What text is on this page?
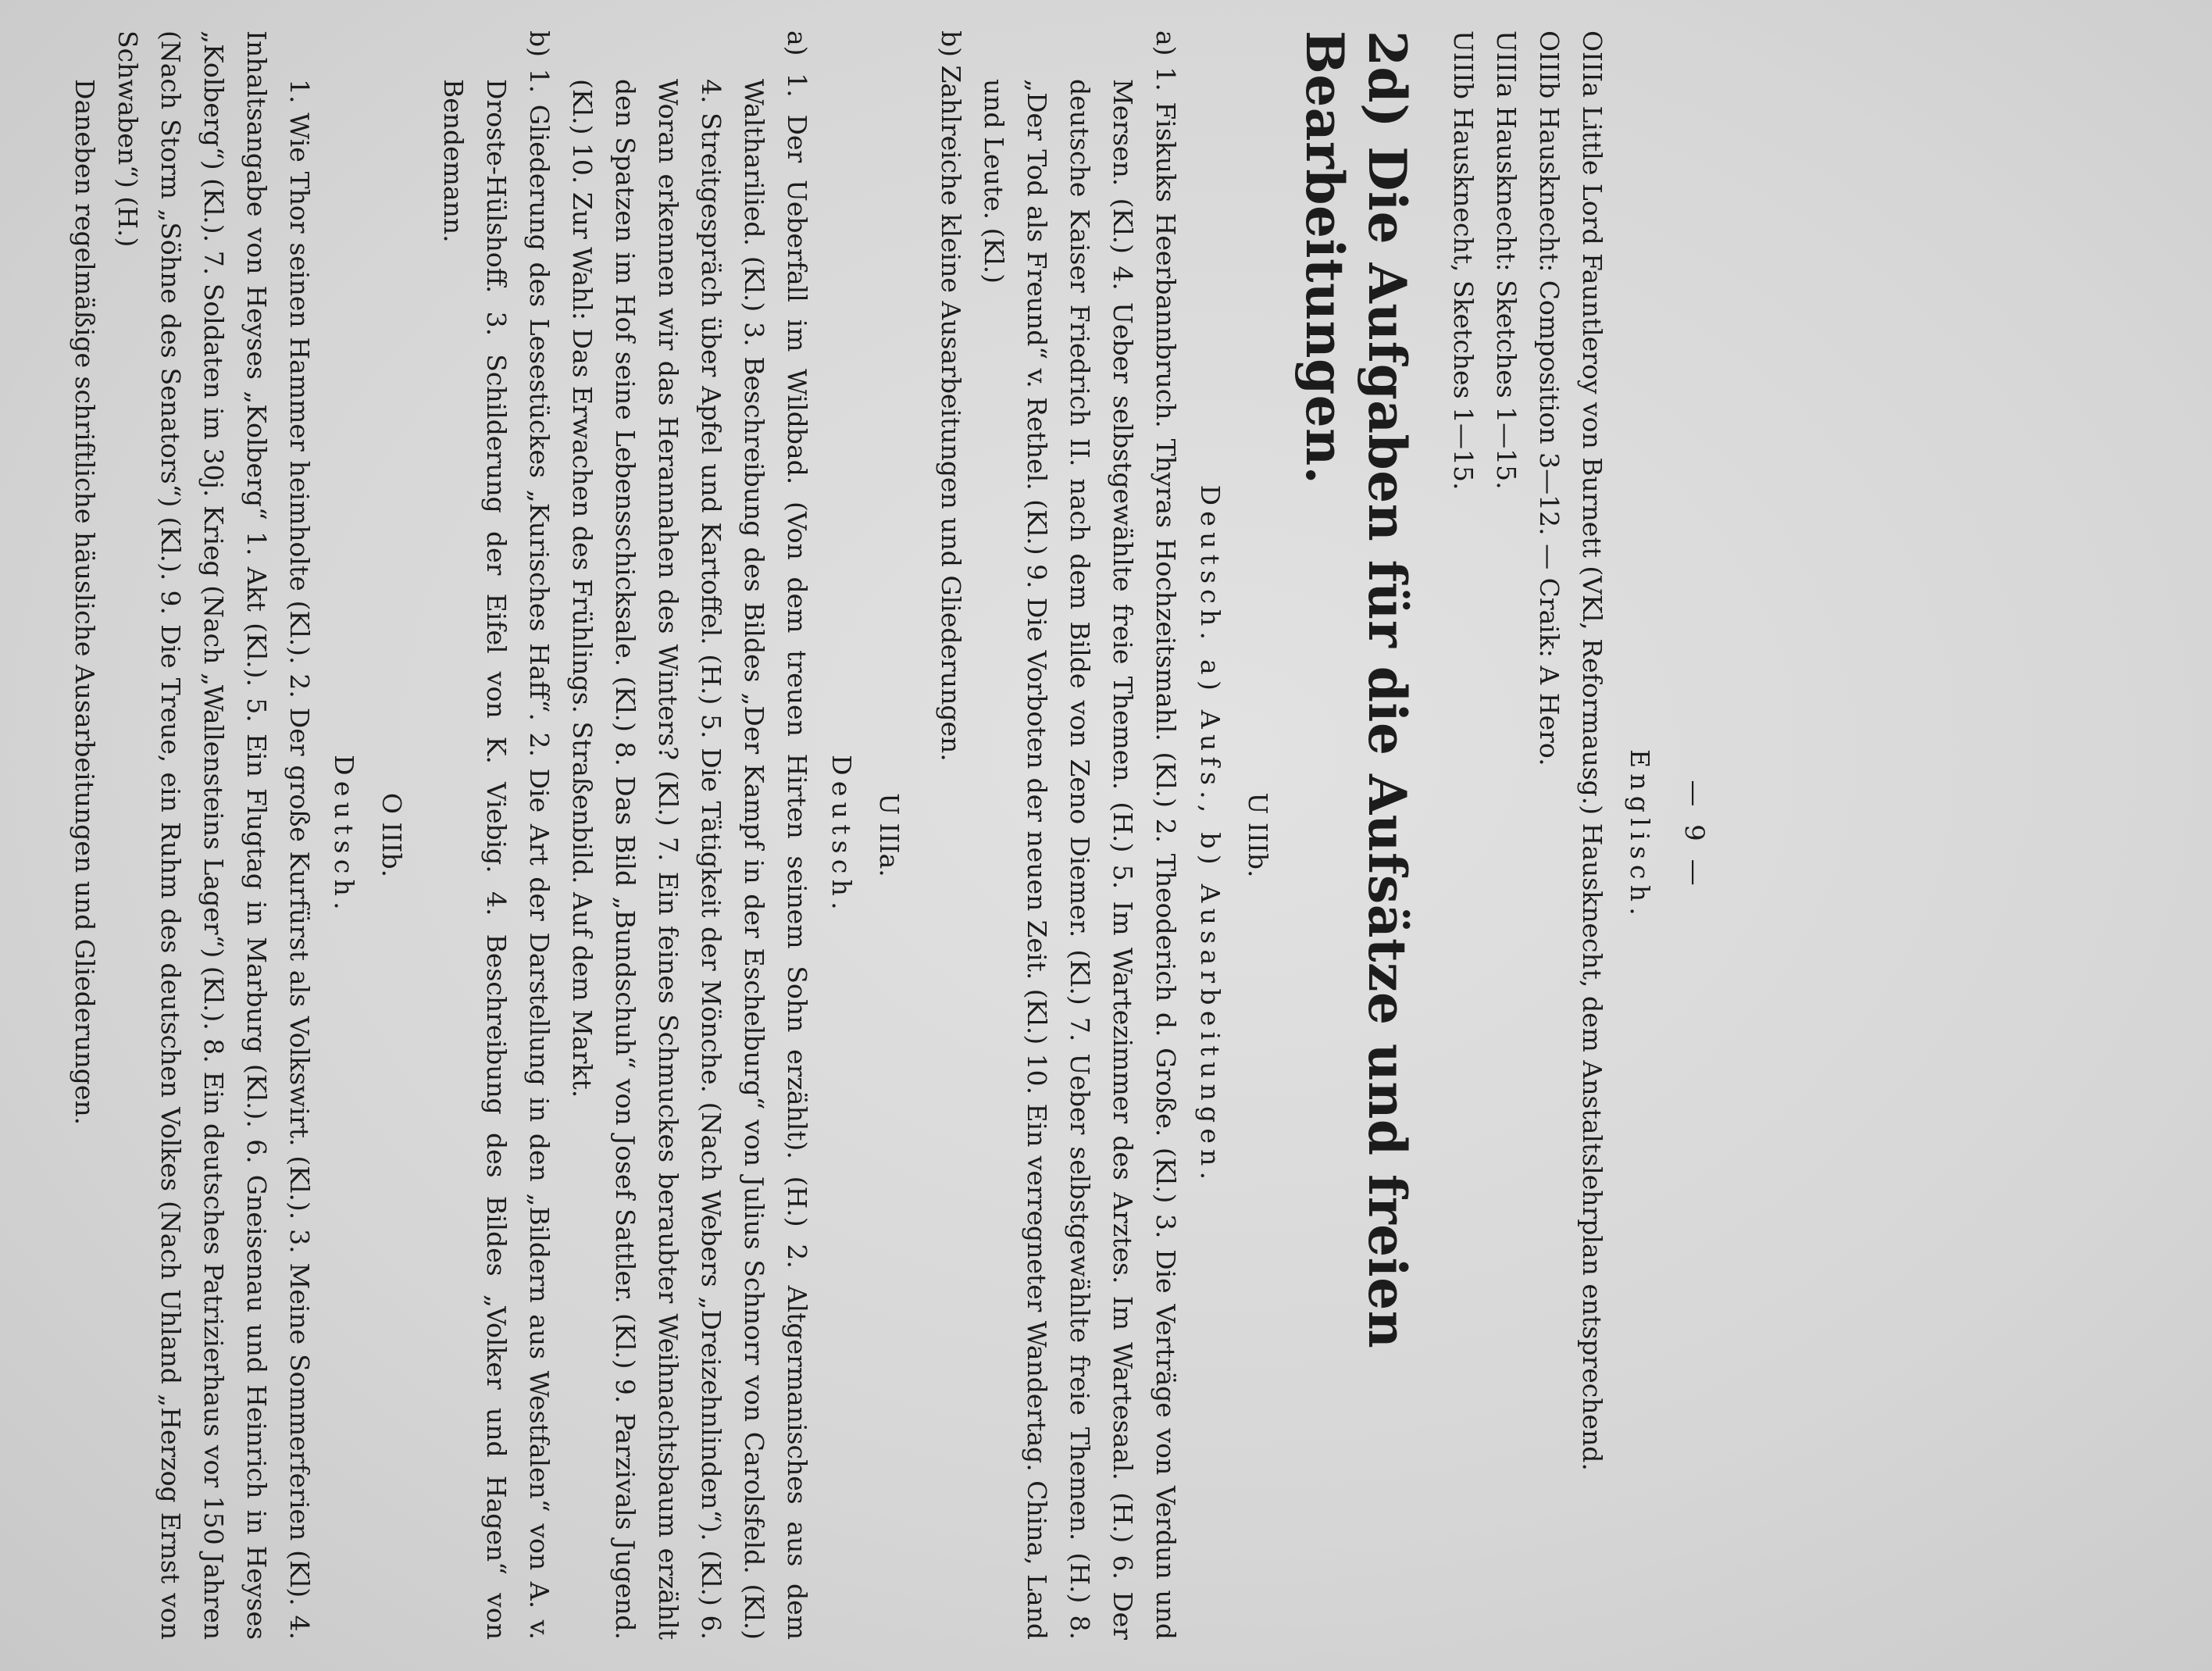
— 9 —
Englisch.

OIIIa Little Lord Fauntleroy von Burnett (VKl, Reformausg.) Hausknecht, dem Anstaltslehrplan entsprechend.

OIIIb Hausknecht: Composition 3—12. — Craik: A Hero.

UIIIa Hausknecht: Sketches 1—15.

UIIIb Hausknecht, Sketches 1—15.

2d) Die Aufgaben für die Aufsätze und freien Bearbeitungen.
U IIIb.
Deutsch. a) Aufs., b) Ausarbeitungen.

a) 1. Fiskuks Heerbannbruch. Thyras Hochzeitsmahl. (Kl.) 2. Theoderich d. Große. (Kl.) 3. Die Verträge von Verdun und Mersen. (Kl.) 4. Ueber selbstgewählte freie Themen. (H.) 5. Im Wartezimmer des Arztes. Im Wartesaal. (H.) 6. Der deutsche Kaiser Friedrich II. nach dem Bilde von Zeno Diemer. (Kl.) 7. Ueber selbstgewählte freie Themen. (H.) 8. „Der Tod als Freund“ v. Rethel. (Kl.) 9. Die Vorboten der neuen Zeit. (Kl.) 10. Ein verregneter Wandertag. China, Land und Leute. (Kl.)

b) Zahlreiche kleine Ausarbeitungen und Gliederungen.

U IIIa.
Deutsch.

a) 1. Der Ueberfall im Wildbad. (Von dem treuen Hirten seinem Sohn erzählt). (H.) 2. Altgermanisches aus dem Waltharilied. (Kl.) 3. Beschreibung des Bildes „Der Kampf in der Eschelburg“ von Julius Schnorr von Carolsfeld. (Kl.) 4. Streitgespräch über Apfel und Kartoffel. (H.) 5. Die Tätigkeit der Mönche. (Nach Webers „Dreizehnlinden“). (Kl.) 6. Woran erkennen wir das Herannahen des Winters? (Kl.) 7. Ein feines Schmuckes beraubter Weihnachtsbaum erzählt den Spatzen im Hof seine Lebensschicksale. (Kl.) 8. Das Bild „Bundschuh“ von Josef Sattler. (Kl.) 9. Parzivals Jugend. (Kl.) 10. Zur Wahl: Das Erwachen des Frühlings. Straßenbild. Auf dem Markt.

b) 1. Gliederung des Lesestückes „Kurisches Haff“. 2. Die Art der Darstellung in den „Bildern aus Westfalen“ von A. v. Droste-Hülshoff. 3. Schilderung der Eifel von K. Viebig. 4. Beschreibung des Bildes „Volker und Hagen“ von Bendemann.

O IIIb.
Deutsch.

1. Wie Thor seinen Hammer heimholte (Kl.). 2. Der große Kurfürst als Volkswirt. (Kl.). 3. Meine Sommerferien (Kl). 4. Inhaltsangabe von Heyses „Kolberg“ 1. Akt (Kl.). 5. Ein Flugtag in Marburg (Kl.). 6. Gneisenau und Heinrich in Heyses „Kolberg“) (Kl.). 7. Soldaten im 30j. Krieg (Nach „Wallensteins Lager“) (Kl.). 8. Ein deutsches Patrizierhaus vor 150 Jahren (Nach Storm „Söhne des Senators“) (Kl.). 9. Die Treue, ein Ruhm des deutschen Volkes (Nach Uhland „Herzog Ernst von Schwaben“) (H.)

Daneben regelmäßige schriftliche häusliche Ausarbeitungen und Gliederungen.
